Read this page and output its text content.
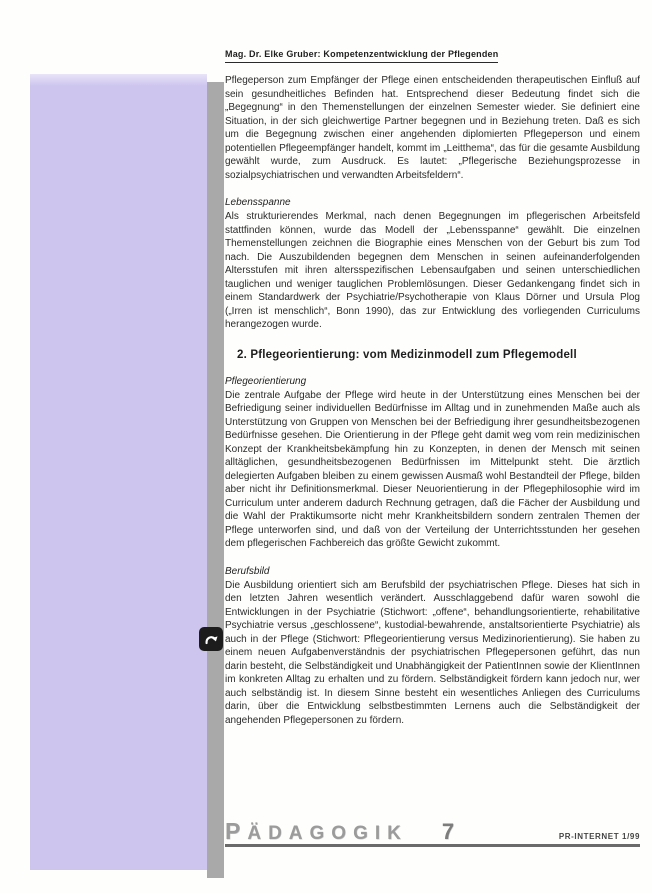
Mag. Dr. Elke Gruber: Kompetenzentwicklung der Pflegenden

Pflegeperson zum Empfänger der Pflege einen entscheidenden therapeutischen Einfluß auf sein gesundheitliches Befinden hat. Entsprechend dieser Bedeutung findet sich die „Begegnung“ in den Themenstellungen der einzelnen Semester wieder. Sie definiert eine Situation, in der sich gleichwertige Partner begegnen und in Beziehung treten. Daß es sich um die Begegnung zwischen einer angehenden diplomierten Pflegeperson und einem potentiellen Pflegeempfänger handelt, kommt im „Leitthema“, das für die gesamte Ausbildung gewählt wurde, zum Ausdruck. Es lautet: „Pflegerische Beziehungsprozesse in sozialpsychiatrischen und verwandten Arbeitsfeldern“.

Lebensspanne

Als strukturierendes Merkmal, nach denen Begegnungen im pflegerischen Arbeitsfeld stattfinden können, wurde das Modell der „Lebensspanne“ gewählt. Die einzelnen Themenstellungen zeichnen die Biographie eines Menschen von der Geburt bis zum Tod nach. Die Auszubildenden begegnen dem Menschen in seinen aufeinanderfolgenden Altersstufen mit ihren altersspezifischen Lebensaufgaben und seinen unterschiedlichen tauglichen und weniger tauglichen Problemlösungen. Dieser Gedankengang findet sich in einem Standardwerk der Psychiatrie/Psychotherapie von Klaus Dörner und Ursula Plog („Irren ist menschlich“, Bonn 1990), das zur Entwicklung des vorliegenden Curriculums herangezogen wurde.

2. Pflegeorientierung: vom Medizinmodell zum Pflegemodell
Pflegeorientierung

Die zentrale Aufgabe der Pflege wird heute in der Unterstützung eines Menschen bei der Befriedigung seiner individuellen Bedürfnisse im Alltag und in zunehmenden Maße auch als Unterstützung von Gruppen von Menschen bei der Befriedigung ihrer gesundheitsbezogenen Bedürfnisse gesehen. Die Orientierung in der Pflege geht damit weg vom rein medizinischen Konzept der Krankheitsbekämpfung hin zu Konzepten, in denen der Mensch mit seinen alltäglichen, gesundheitsbezogenen Bedürfnissen im Mittelpunkt steht. Die ärztlich delegierten Aufgaben bleiben zu einem gewissen Ausmaß wohl Bestandteil der Pflege, bilden aber nicht ihr Definitionsmerkmal. Dieser Neuorientierung in der Pflegephilosophie wird im Curriculum unter anderem dadurch Rechnung getragen, daß die Fächer der Ausbildung und die Wahl der Praktikumsorte nicht mehr Krankheitsbildern sondern zentralen Themen der Pflege unterworfen sind, und daß von der Verteilung der Unterrichtsstunden her gesehen dem pflegerischen Fachbereich das größte Gewicht zukommt.

Berufsbild

Die Ausbildung orientiert sich am Berufsbild der psychiatrischen Pflege. Dieses hat sich in den letzten Jahren wesentlich verändert. Ausschlaggebend dafür waren sowohl die Entwicklungen in der Psychiatrie (Stichwort: „offene“, behandlungsorientierte, rehabilitative Psychiatrie versus „geschlossene“, kustodial-bewahrende, anstaltsorientierte Psychiatrie) als auch in der Pflege (Stichwort: Pflegeorientierung versus Medizinorientierung). Sie haben zu einem neuen Aufgabenverständnis der psychiatrischen Pflegepersonen geführt, das nun darin besteht, die Selbständigkeit und Unabhängigkeit der PatientInnen sowie der KlientInnen im konkreten Alltag zu erhalten und zu fördern. Selbständigkeit fördern kann jedoch nur, wer auch selbständig ist. In diesem Sinne besteht ein wesentliches Anliegen des Curriculums darin, über die Entwicklung selbstbestimmten Lernens auch die Selbständigkeit der angehenden Pflegepersonen zu fördern.

PÄDAGOGIK 7	PR-INTERNET 1/99
